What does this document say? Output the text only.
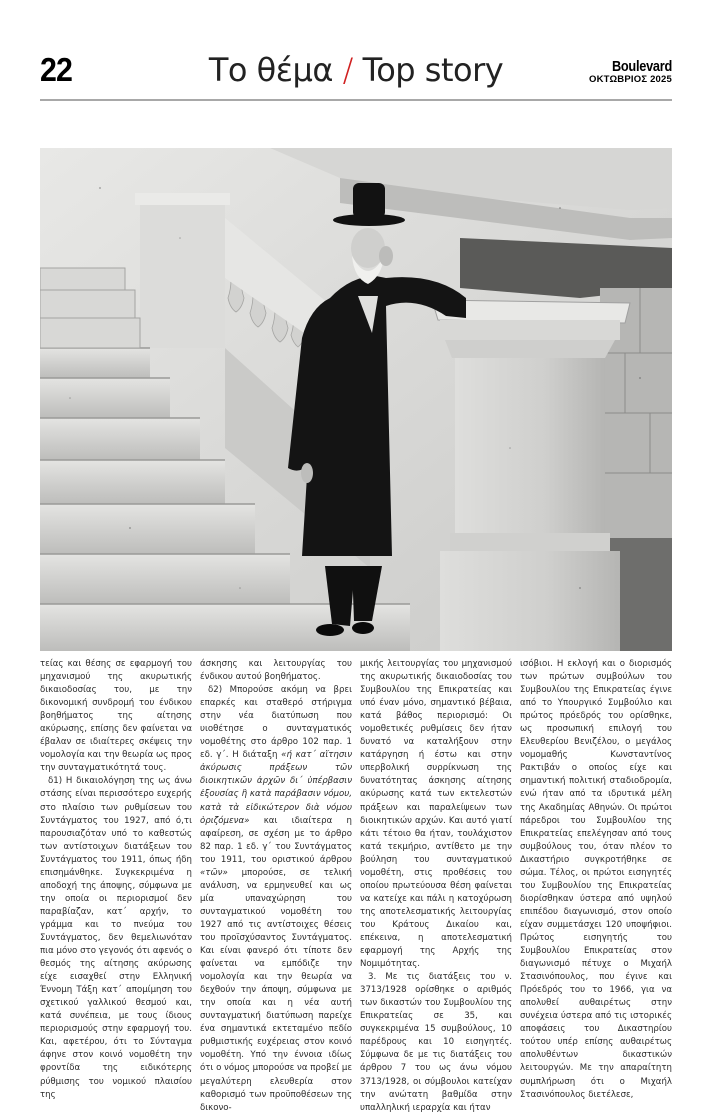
22	Το θέμα / Top story	Boulevard
ΟΚΤΩΒΡΙΟΣ 2025

τείας και θέσης σε εφαρμογή του μηχανισμού της ακυρωτικής δικαιοδοσίας του, με την δικονομική συνδρομή του ένδικου βοηθήματος της αίτησης ακύρωσης, επίσης δεν φαίνεται να έβαλαν σε ιδιαίτερες σκέψεις την νομολογία και την θεωρία ως προς την συνταγματικότητά τους.

δ1) Η δικαιολόγηση της ως άνω στάσης είναι περισσότερο ευχερής στο πλαίσιο των ρυθμίσεων του Συντάγματος του 1927, από ό,τι παρουσιαζόταν υπό το καθεστώς των αντίστοιχων διατάξεων του Συντάγματος του 1911, όπως ήδη επισημάνθηκε. Συγκεκριμένα η αποδοχή της άποψης, σύμφωνα με την οποία οι περιορισμοί δεν παραβίαζαν, κατ΄ αρχήν, το γράμμα και το πνεύμα του Συντάγματος, δεν θεμελιωνόταν πια μόνο στο γεγονός ότι αφενός ο θεσμός της αίτησης ακύρωσης είχε εισαχθεί στην Ελληνική Έννομη Τάξη κατ΄ απομίμηση του σχετικού γαλλικού θεσμού και, κατά συνέπεια, με τους ίδιους περιορισμούς στην εφαρμογή του. Και, αφετέρου, ότι το Σύνταγμα άφηνε στον κοινό νομοθέτη την φροντίδα της ειδικότερης ρύθμισης του νομικού πλαισίου της

άσκησης και λειτουργίας του ένδικου αυτού βοηθήματος.

δ2) Μπορούσε ακόμη να βρει επαρκές και σταθερό στήριγμα στην νέα διατύπωση που υιοθέτησε ο συνταγματικός νομοθέτης στο άρθρο 102 παρ. 1 εδ. γ΄. Η διάταξη «ή κατ΄ αἴτησιν ἀκύρωσις πράξεων τῶν διοικητικῶν ἀρχῶν δι΄ ὑπέρβασιν ἐξουσίας ἢ κατὰ παράβασιν νόμου, κατὰ τὰ εἰδικώτερον διὰ νόμου ὁριζόμενα» και ιδιαίτερα η αφαίρεση, σε σχέση με το άρθρο 82 παρ. 1 εδ. γ΄ του Συντάγματος του 1911, του οριστικού άρθρου «τῶν» μπορούσε, σε τελική ανάλυση, να ερμηνευθεί και ως μία υπαναχώρηση του συνταγματικού νομοθέτη του 1927 από τις αντίστοιχες θέσεις του προϊσχύσαντος Συντάγματος. Και είναι φανερό ότι τίποτε δεν φαίνεται να εμπόδιζε την νομολογία και την θεωρία να δεχθούν την άποψη, σύμφωνα με την οποία και η νέα αυτή συνταγματική διατύπωση παρείχε ένα σημαντικά εκτεταμένο πεδίο ρυθμιστικής ευχέρειας στον κοινό νομοθέτη. Υπό την έννοια ιδίως ότι ο νόμος μπορούσε να προβεί με μεγαλύτερη ελευθερία στον καθορισμό των προϋποθέσεων της δικονο-

μικής λειτουργίας του μηχανισμού της ακυρωτικής δικαιοδοσίας του Συμβουλίου της Επικρατείας και υπό έναν μόνο, σημαντικό βέβαια, κατά βάθος περιορισμό: Οι νομοθετικές ρυθμίσεις δεν ήταν δυνατό να καταλήξουν στην κατάργηση ή έστω και στην υπερβολική συρρίκνωση της δυνατότητας άσκησης αίτησης ακύρωσης κατά των εκτελεστών πράξεων και παραλείψεων των διοικητικών αρχών. Και αυτό γιατί κάτι τέτοιο θα ήταν, τουλάχιστον κατά τεκμήριο, αντίθετο με την βούληση του συνταγματικού νομοθέτη, στις προθέσεις του οποίου πρωτεύουσα θέση φαίνεται να κατείχε και πάλι η κατοχύρωση της αποτελεσματικής λειτουργίας του Κράτους Δικαίου και, επέκεινα, η αποτελεσματική εφαρμογή της Αρχής της Νομιμότητας.

3. Με τις διατάξεις του ν. 3713/1928 ορίσθηκε ο αριθμός των δικαστών του Συμβουλίου της Επικρατείας σε 35, και συγκεκριμένα 15 συμβούλους, 10 παρέδρους και 10 εισηγητές. Σύμφωνα δε με τις διατάξεις του άρθρου 7 του ως άνω νόμου 3713/1928, οι σύμβουλοι κατείχαν την ανώτατη βαθμίδα στην υπαλληλική ιεραρχία και ήταν

ισόβιοι. Η εκλογή και ο διορισμός των πρώτων συμβούλων του Συμβουλίου της Επικρατείας έγινε από το Υπουργικό Συμβούλιο και πρώτος πρόεδρός του ορίσθηκε, ως προσωπική επιλογή του Ελευθερίου Βενιζέλου, ο μεγάλος νομομαθής Κωνσταντίνος Ρακτιβάν ο οποίος είχε και σημαντική πολιτική σταδιοδρομία, ενώ ήταν από τα ιδρυτικά μέλη της Ακαδημίας Αθηνών. Οι πρώτοι πάρεδροι του Συμβουλίου της Επικρατείας επελέγησαν από τους συμβούλους του, όταν πλέον το Δικαστήριο συγκροτήθηκε σε σώμα. Τέλος, οι πρώτοι εισηγητές του Συμβουλίου της Επικρατείας διορίσθηκαν ύστερα από υψηλού επιπέδου διαγωνισμό, στον οποίο είχαν συμμετάσχει 120 υποψήφιοι. Πρώτος εισηγητής του Συμβουλίου Επικρατείας στον διαγωνισμό πέτυχε ο Μιχαήλ Στασινόπουλος, που έγινε και Πρόεδρός του το 1966, για να απολυθεί αυθαιρέτως στην συνέχεια ύστερα από τις ιστορικές αποφάσεις του Δικαστηρίου τούτου υπέρ επίσης αυθαιρέτως απολυθέντων δικαστικών λειτουργών. Με την απαραίτητη συμπλήρωση ότι ο Μιχαήλ Στασινόπουλος διετέλεσε,
